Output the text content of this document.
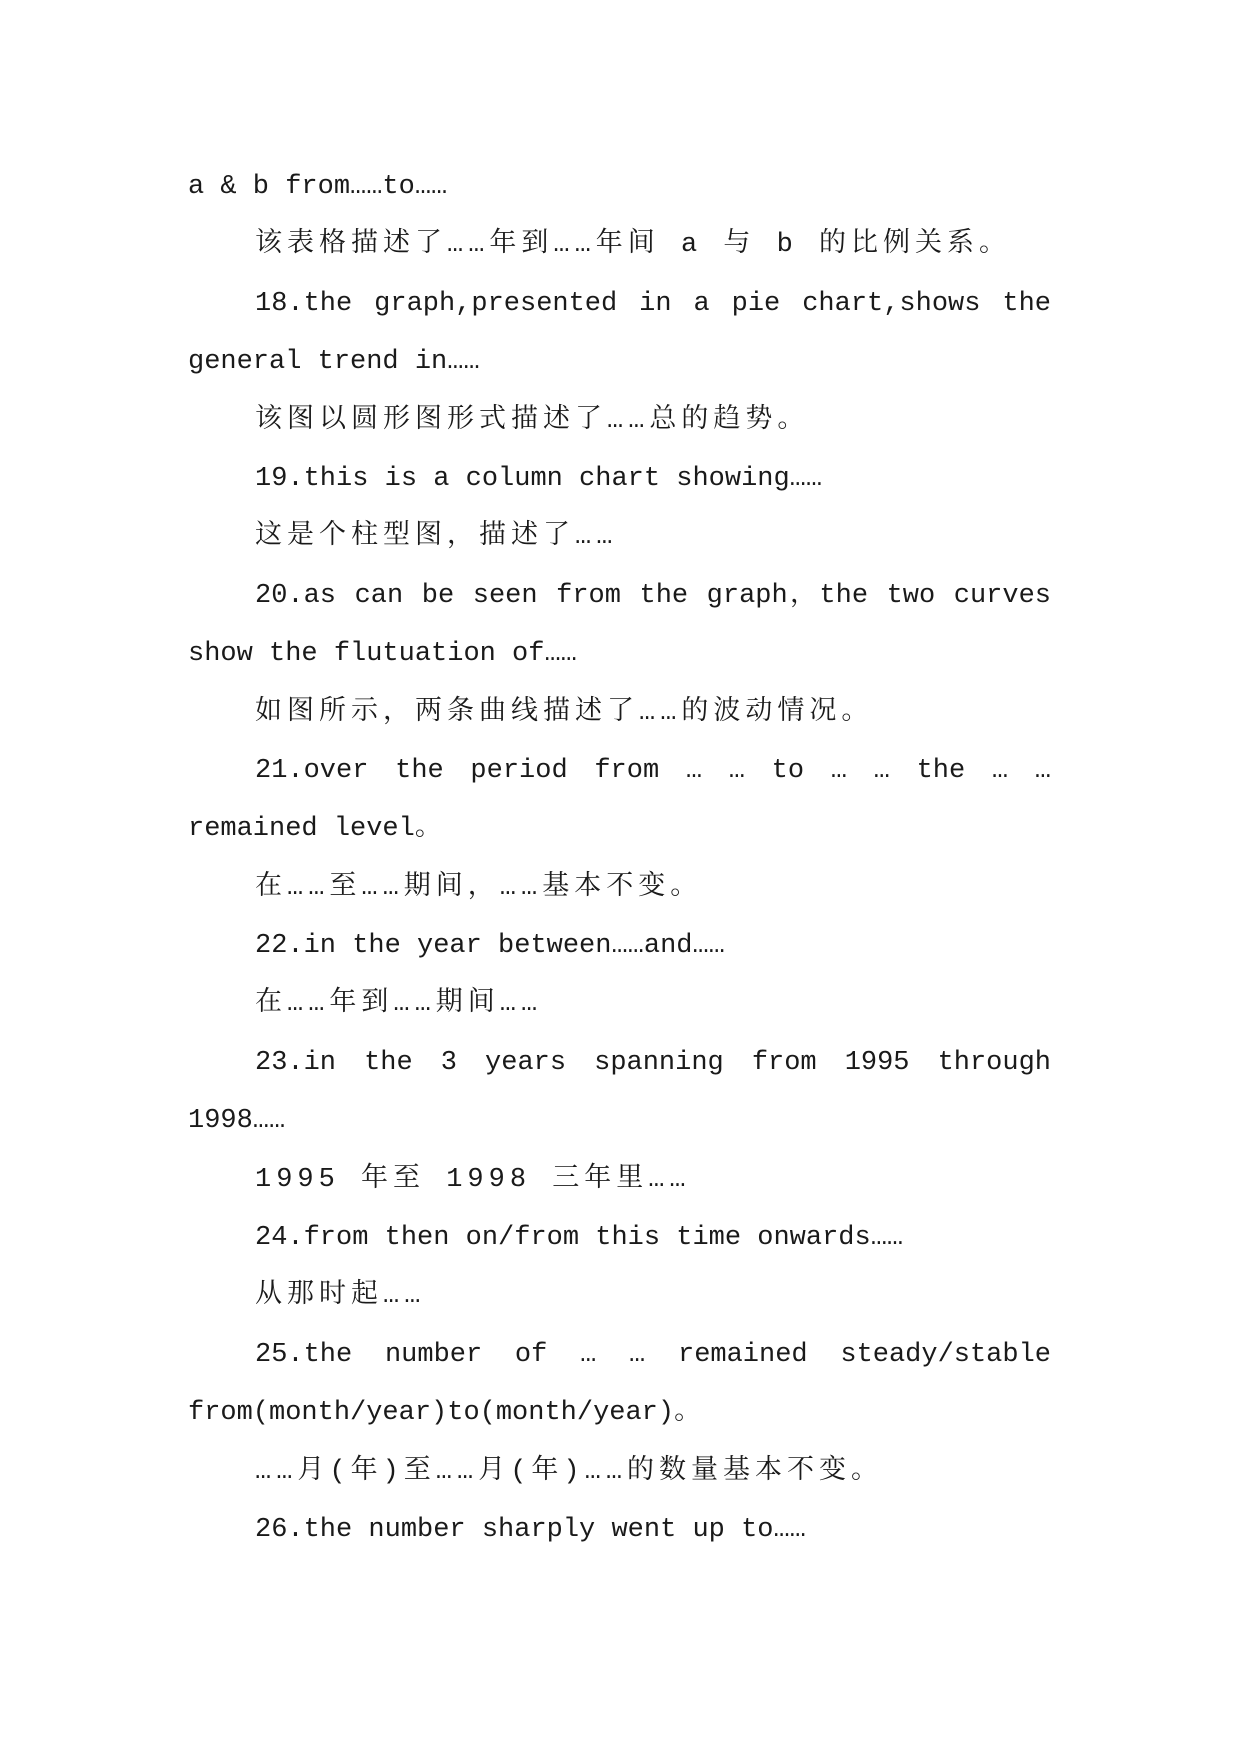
a & b from……to……
该表格描述了……年到……年间 a 与 b 的比例关系。
18.the graph,presented in a pie chart,shows the
general trend in……
该图以圆形图形式描述了……总的趋势。
19.this is a column chart showing……
这是个柱型图，描述了……
20.as can be seen from the graph，the two curves
show the flutuation of……
如图所示，两条曲线描述了……的波动情况。
21.over the period from … … to … … the … …
remained level。
在……至……期间，……基本不变。
22.in the year between……and……
在……年到……期间……
23.in the 3 years spanning from 1995 through
1998……
1995 年至 1998 三年里……
24.from then on/from this time onwards……
从那时起……
25.the number of … … remained steady/stable
from(month/year)to(month/year)。
……月(年)至……月(年)……的数量基本不变。
26.the number sharply went up to……
